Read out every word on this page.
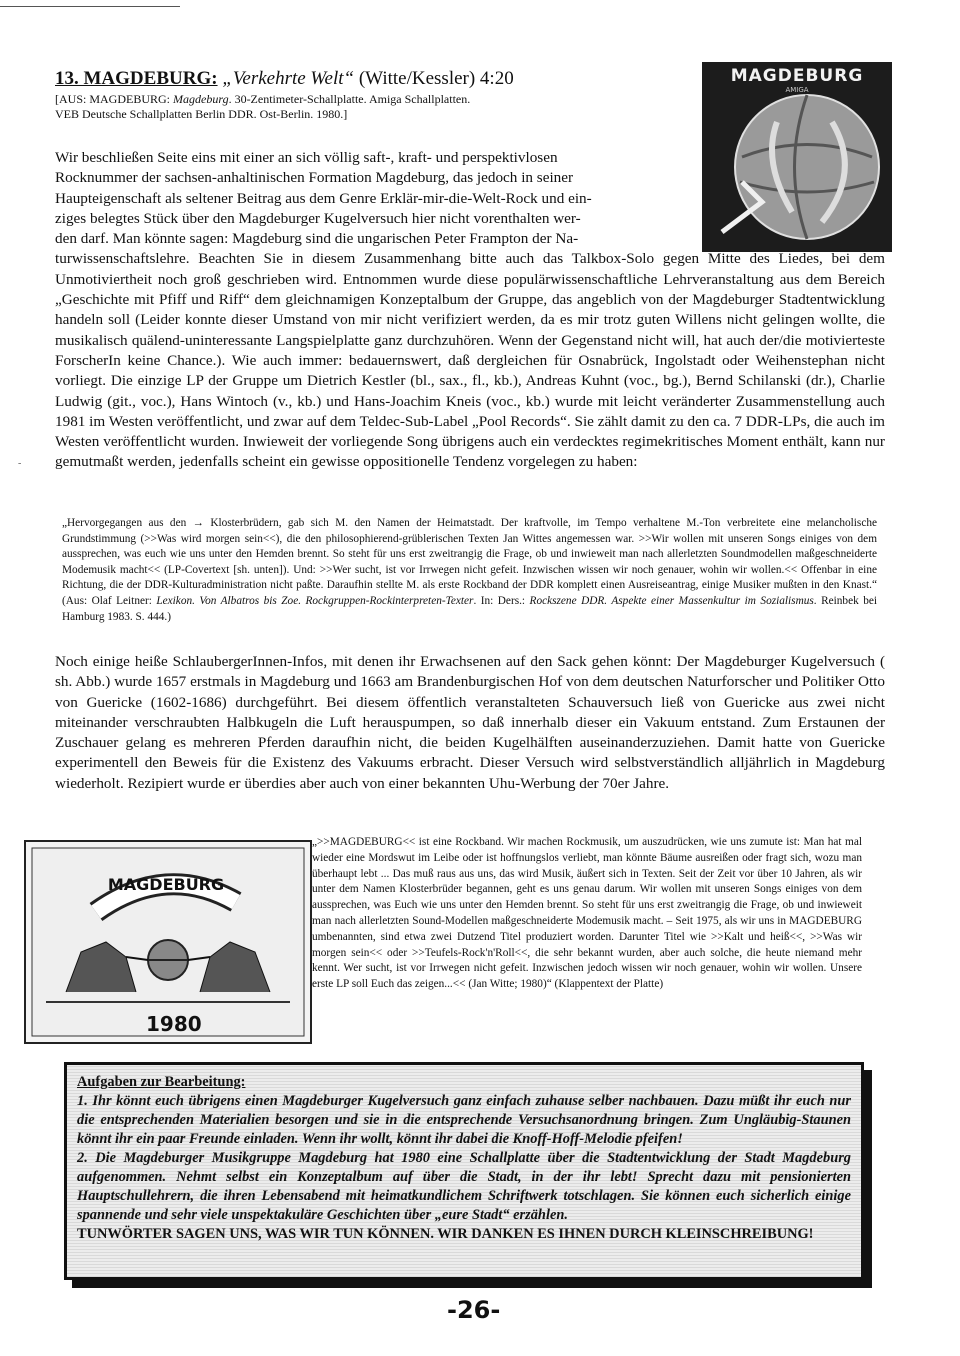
-
13. MAGDEBURG: „Verkehrte Welt“ (Witte/Kessler) 4:20
[AUS: MAGDEBURG: Magdeburg. 30-Zentimeter-Schallplatte. Amiga Schallplatten.
VEB Deutsche Schallplatten Berlin DDR. Ost-Berlin. 1980.]
MAGDEBURG
AMIGA
Wir beschließen Seite eins mit einer an sich völlig saft-, kraft- und perspektivlosen
Rocknummer der sachsen-anhaltinischen Formation Magdeburg, das jedoch in seiner
Haupteigenschaft als seltener Beitrag aus dem Genre Erklär-mir-die-Welt-Rock und ein-
ziges belegtes Stück über den Magdeburger Kugelversuch hier nicht vorenthalten wer-
den darf. Man könnte sagen: Magdeburg sind die ungarischen Peter Frampton der Na-
turwissenschaftslehre. Beachten Sie in diesem Zusammenhang bitte auch das Talkbox-Solo gegen Mitte des Liedes, bei dem Unmotiviertheit noch groß geschrieben wird. Entnommen wurde diese populärwissenschaftliche Lehrveranstaltung aus dem Bereich „Geschichte mit Pfiff und Riff“ dem gleichnamigen Konzeptalbum der Gruppe, das angeblich von der Magdeburger Stadtentwicklung handeln soll (Leider konnte dieser Umstand von mir nicht verifiziert werden, da es mir trotz guten Willens nicht gelingen wollte, die musikalisch quälend-uninteressante Langspielplatte ganz durchzuhören. Wenn der Gegenstand nicht will, hat auch der/die motivierteste ForscherIn keine Chance.). Wie auch immer: bedauernswert, daß dergleichen für Osnabrück, Ingolstadt oder Weihenstephan nicht vorliegt. Die einzige LP der Gruppe um Dietrich Kestler (bl., sax., fl., kb.), Andreas Kuhnt (voc., bg.), Bernd Schilanski (dr.), Charlie Ludwig (git., voc.), Hans Wintoch (v., kb.) und Hans-Joachim Kneis (voc., kb.) wurde mit leicht veränderter Zusammenstellung auch 1981 im Westen veröffentlicht, und zwar auf dem Teldec-Sub-Label „Pool Records“. Sie zählt damit zu den ca. 7 DDR-LPs, die auch im Westen veröffentlicht wurden. Inwieweit der vorliegende Song übrigens auch ein verdecktes regimekritisches Moment enthält, kann nur gemutmaßt werden, jedenfalls scheint ein gewisse oppositionelle Tendenz vorgelegen zu haben:
„Hervorgegangen aus den → Klosterbrüdern, gab sich M. den Namen der Heimatstadt. Der kraftvolle, im Tempo verhaltene M.-Ton verbreitete eine melancholische Grundstimmung (>>Was wird morgen sein<<), die den philosophierend-grüblerischen Texten Jan Wittes angemessen war. >>Wir wollen mit unseren Songs einiges von dem aussprechen, was euch wie uns unter den Hemden brennt. So steht für uns erst zweitrangig die Frage, ob und inwieweit man nach allerletzten Soundmodellen maßgeschneiderte Modemusik macht<< (LP-Covertext [sh. unten]). Und: >>Wer sucht, ist vor Irrwegen nicht gefeit. Inzwischen wissen wir noch genauer, wohin wir wollen.<< Offenbar in eine Richtung, die der DDR-Kulturadministration nicht paßte. Daraufhin stellte M. als erste Rockband der DDR komplett einen Ausreiseantrag, einige Musiker mußten in den Knast.“ (Aus: Olaf Leitner: Lexikon. Von Albatros bis Zoe. Rockgruppen-Rockinterpreten-Texter. In: Ders.: Rockszene DDR. Aspekte einer Massenkultur im Sozialismus. Reinbek bei Hamburg 1983. S. 444.)
Noch einige heiße SchlaubergerInnen-Infos, mit denen ihr Erwachsenen auf den Sack gehen könnt: Der Magdeburger Kugelversuch ( sh. Abb.) wurde 1657 erstmals in Magdeburg und 1663 am Brandenburgischen Hof von dem deutschen Naturforscher und Politiker Otto von Guericke (1602-1686) durchgeführt. Bei diesem öffentlich veranstalteten Schauversuch ließ von Guericke aus zwei nicht miteinander verschraubten Halbkugeln die Luft herauspumpen, so daß innerhalb dieser ein Vakuum entstand. Zum Erstaunen der Zuschauer gelang es mehreren Pferden daraufhin nicht, die beiden Kugelhälften auseinanderzuziehen. Damit hatte von Guericke experimentell den Beweis für die Existenz des Vakuums erbracht. Dieser Versuch wird selbstverständlich alljährlich in Magdeburg wiederholt. Rezipiert wurde er überdies aber auch von einer bekannten Uhu-Werbung der 70er Jahre.
MAGDEBURG
1980
„>>MAGDEBURG<< ist eine Rockband. Wir machen Rockmusik, um auszudrücken, wie uns zumute ist: Man hat mal wieder eine Mordswut im Leibe oder ist hoffnungslos verliebt, man könnte Bäume ausreißen oder fragt sich, wozu man überhaupt lebt ... Das muß raus aus uns, das wird Musik, äußert sich in Texten. Seit der Zeit vor über 10 Jahren, als wir unter dem Namen Klosterbrüder begannen, geht es uns genau darum. Wir wollen mit unseren Songs einiges von dem aussprechen, was Euch wie uns unter den Hemden brennt. So steht für uns erst zweitrangig die Frage, ob und inwieweit man nach allerletzten Sound-Modellen maßgeschneiderte Modemusik macht. – Seit 1975, als wir uns in MAGDEBURG umbenannten, sind etwa zwei Dutzend Titel produziert worden. Darunter Titel wie >>Kalt und heiß<<, >>Was wir morgen sein<< oder >>Teufels-Rock'n'Roll<<, die sehr bekannt wurden, aber auch solche, die heute niemand mehr kennt. Wer sucht, ist vor Irrwegen nicht gefeit. Inzwischen jedoch wissen wir noch genauer, wohin wir wollen. Unsere erste LP soll Euch das zeigen...<< (Jan Witte; 1980)“ (Klappentext der Platte)
Aufgaben zur Bearbeitung:
1. Ihr könnt euch übrigens einen Magdeburger Kugelversuch ganz einfach zuhause selber nachbauen. Dazu müßt ihr euch nur die entsprechenden Materialien besorgen und sie in die entsprechende Versuchsanordnung bringen. Zum Ungläubig-Staunen könnt ihr ein paar Freunde einladen. Wenn ihr wollt, könnt ihr dabei die Knoff-Hoff-Melodie pfeifen!
2. Die Magdeburger Musikgruppe Magdeburg hat 1980 eine Schallplatte über die Stadtentwicklung der Stadt Magdeburg aufgenommen. Nehmt selbst ein Konzeptalbum auf über die Stadt, in der ihr lebt! Sprecht dazu mit pensionierten Hauptschullehrern, die ihren Lebensabend mit heimatkundlichem Schriftwerk totschlagen. Sie können euch sicherlich einige spannende und sehr viele unspektakuläre Geschichten über „eure Stadt“ erzählen.
TUNWÖRTER SAGEN UNS, WAS WIR TUN KÖNNEN. WIR DANKEN ES IHNEN DURCH KLEINSCHREIBUNG!
-26-
